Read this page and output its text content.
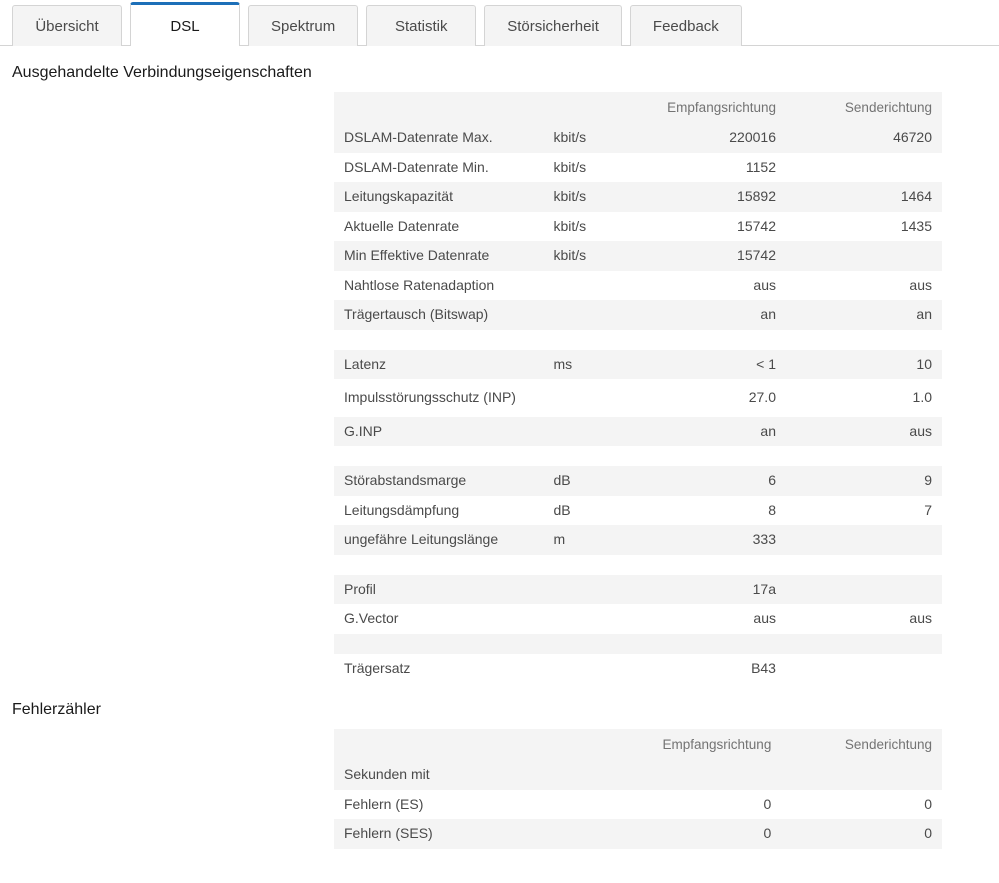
Übersicht	DSL	Spektrum	Statistik	Störsicherheit	Feedback
Ausgehandelte Verbindungseigenschaften
		Empfangsrichtung	Senderichtung
DSLAM-Datenrate Max.	kbit/s	220016	46720
DSLAM-Datenrate Min.	kbit/s	1152	
Leitungskapazität	kbit/s	15892	1464
Aktuelle Datenrate	kbit/s	15742	1435
Min Effektive Datenrate	kbit/s	15742	
Nahtlose Ratenadaption		aus	aus
Trägertausch (Bitswap)		an	an

Latenz	ms	< 1	10
Impulsstörungsschutz (INP)		27.0	1.0
G.INP		an	aus

Störabstandsmarge	dB	6	9
Leitungsdämpfung	dB	8	7
ungefähre Leitungslänge	m	333	

Profil		17a	
G.Vector		aus	aus

Trägersatz		B43	
Fehlerzähler
		Empfangsrichtung	Senderichtung
Sekunden mit			
Fehlern (ES)		0	0
Fehlern (SES)		0	0
